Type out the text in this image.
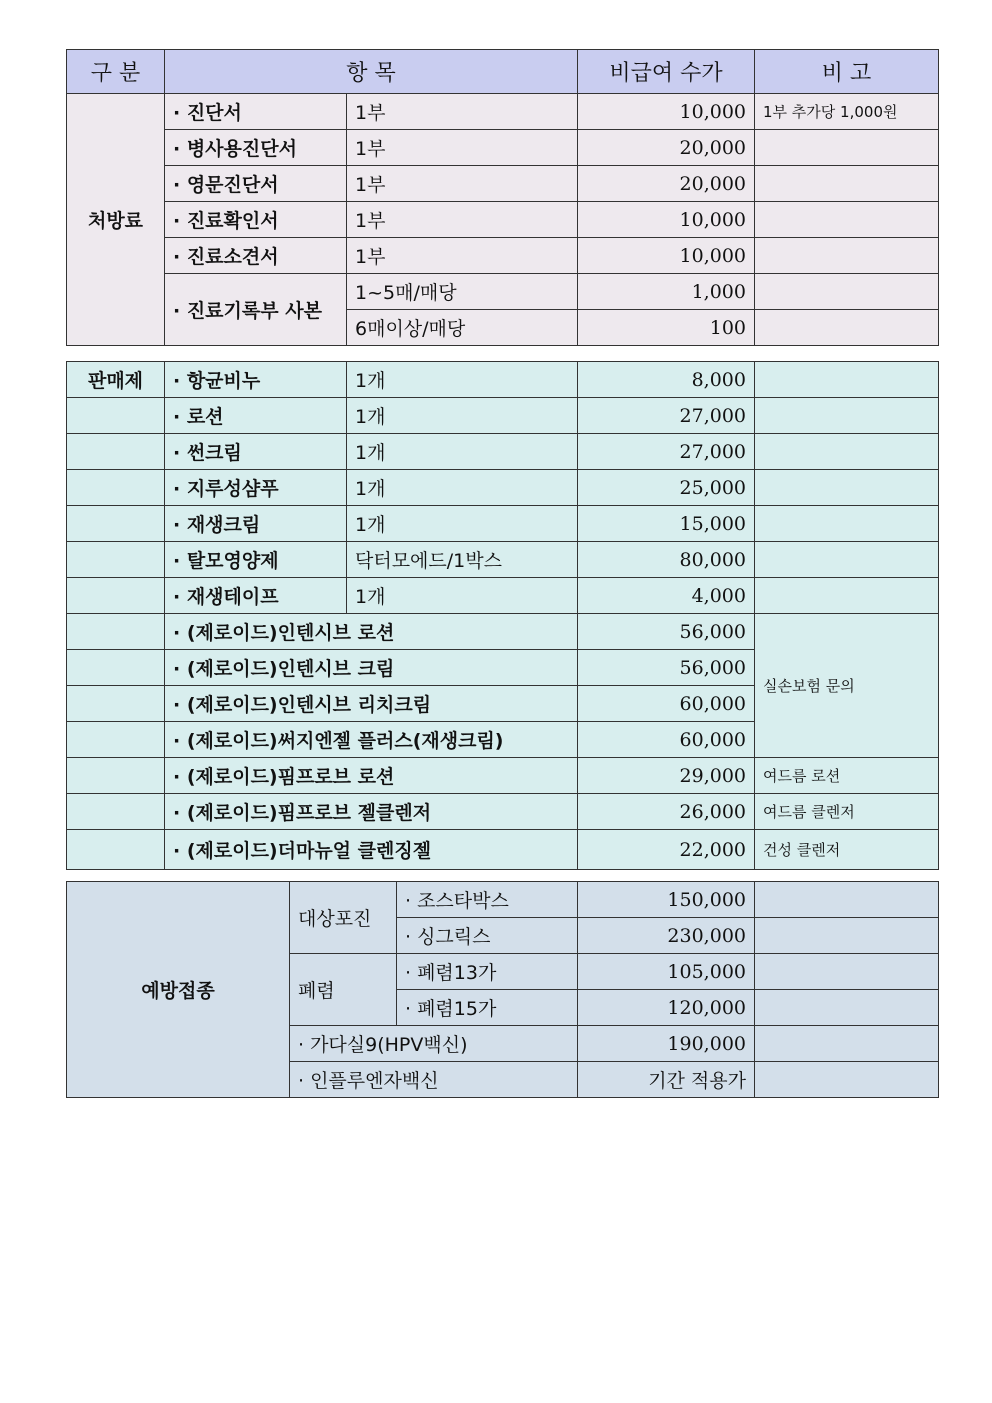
구 분	항 목		비급여 수가	비 고
처방료	· 진단서	1부	10,000	1부 추가당 1,000원
	· 병사용진단서	1부	20,000	
	· 영문진단서	1부	20,000	
	· 진료확인서	1부	10,000	
	· 진료소견서	1부	10,000	
	· 진료기록부 사본	1~5매/매당	1,000	
		6매이상/매당	100	
판매제	· 항균비누	1개	8,000	
	· 로션	1개	27,000	
	· 썬크림	1개	27,000	
	· 지루성샴푸	1개	25,000	
	· 재생크림	1개	15,000	
	· 탈모영양제	닥터모에드/1박스	80,000	
	· 재생테이프	1개	4,000	
	· (제로이드)인텐시브 로션		56,000	실손보험 문의
	· (제로이드)인텐시브 크림		56,000	
	· (제로이드)인텐시브 리치크림		60,000	
	· (제로이드)써지엔젤 플러스(재생크림)		60,000	
	· (제로이드)핌프로브 로션		29,000	여드름 로션
	· (제로이드)핌프로브 젤클렌저		26,000	여드름 클렌저
	· (제로이드)더마뉴얼 클렌징젤		22,000	건성 클렌저
예방접종	대상포진	· 조스타박스	150,000	
		· 싱그릭스	230,000	
	폐렴	· 폐렴13가	105,000	
		· 폐렴15가	120,000	
	· 가다실9(HPV백신)		190,000	
	· 인플루엔자백신		기간 적용가	
